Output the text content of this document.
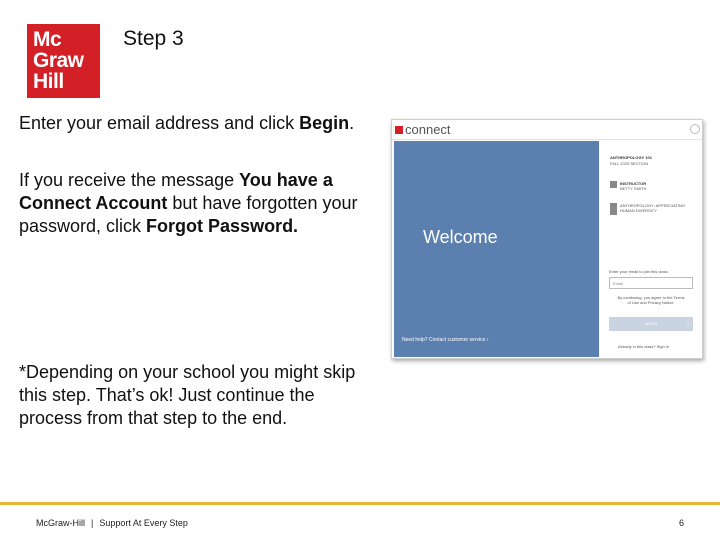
Mc
Graw
Hill
Step 3
Enter your email address and click Begin.
If you receive the message You have a Connect Account but have forgotten your password, click Forgot Password.
*Depending on your school you might skip this step. That’s ok! Just continue the process from that step to the end.
connect
Welcome
Need help? Contact customer service ›
ANTHROPOLOGY 101
FALL 2020 SECTION
INSTRUCTOR
BETTY SMITH
ANTHROPOLOGY: APPRECIATING HUMAN DIVERSITY
Enter your email to join this class:
Email
By continuing, you agree to the Terms of Use and Privacy Notice.
BEGIN	›
Already in this class? Sign in
McGraw-Hill | Support At Every Step	6
